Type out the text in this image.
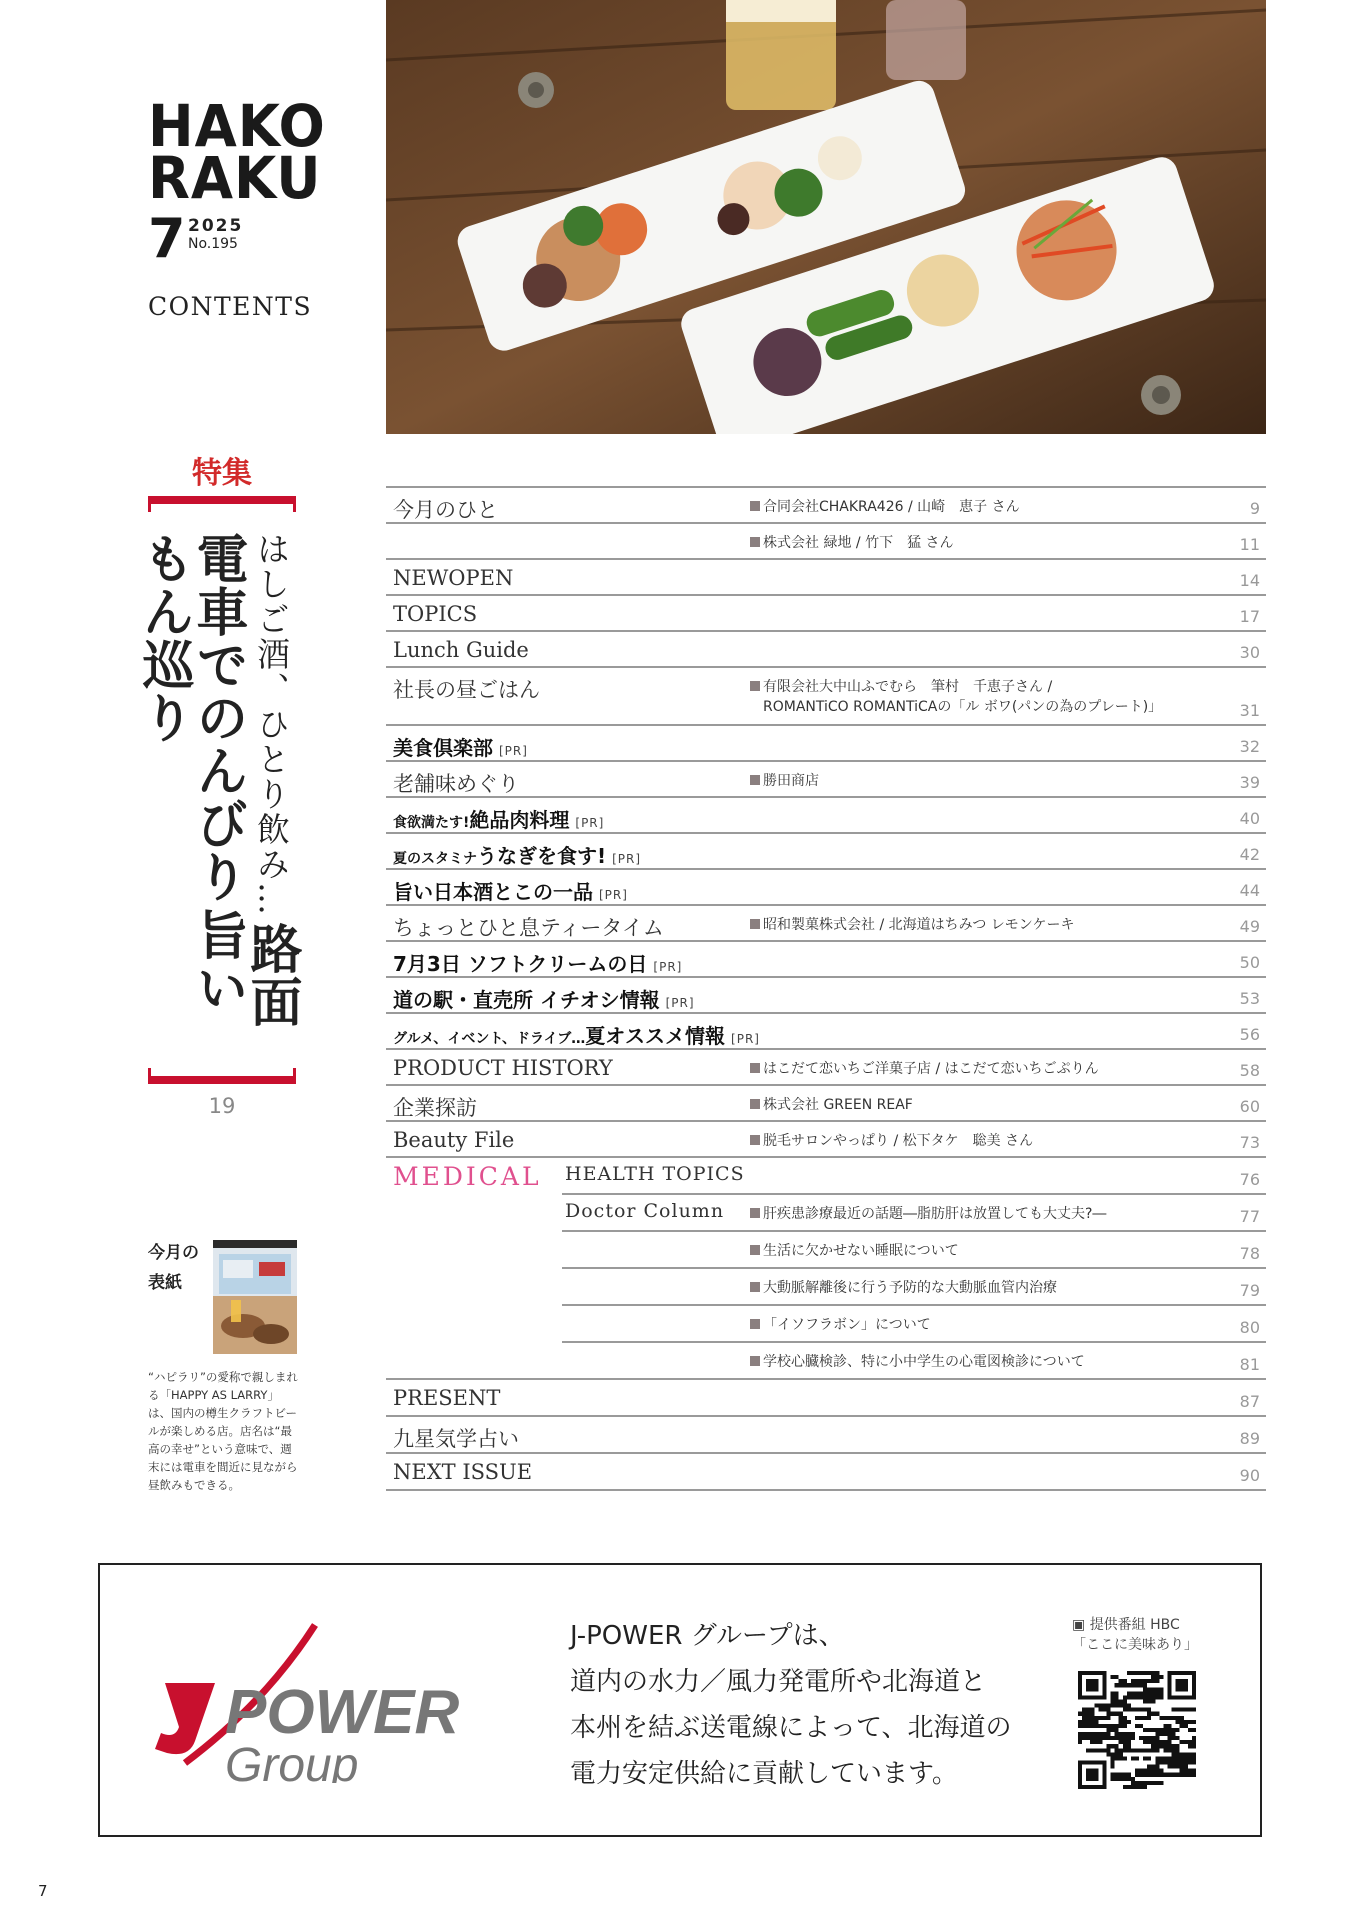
HAKO
RAKU
7 2025
No.195
CONTENTS
特集
はしご酒、ひとり飲み… 路面電車でのんびり 旨いもん巡り
19
今月の
表紙
“ハピラリ”の愛称で親しまれる「HAPPY AS LARRY」は、国内の樽生クラフトビールが楽しめる店。店名は“最高の幸せ”という意味で、週末には電車を間近に見ながら昼飲みもできる。
今月のひと	合同会社CHAKRA426 / 山崎　恵子 さん	9
株式会社 緑地 / 竹下　猛 さん	11
NEWOPEN	14
TOPICS	17
Lunch Guide	30
社長の昼ごはん	有限会社大中山ふでむら　筆村　千恵子さん /
ROMANTiCO ROMANTiCAの「ル ボワ(パンの為のプレート)」	31
美食倶楽部 [PR]	32
老舗味めぐり	勝田商店	39
食欲満たす!絶品肉料理 [PR]	40
夏のスタミナうなぎを食す! [PR]	42
旨い日本酒とこの一品 [PR]	44
ちょっとひと息ティータイム	昭和製菓株式会社 / 北海道はちみつ レモンケーキ	49
7月3日 ソフトクリームの日 [PR]	50
道の駅・直売所 イチオシ情報 [PR]	53
グルメ、イベント、ドライブ…夏オススメ情報 [PR]	56
PRODUCT HISTORY	はこだて恋いちご洋菓子店 / はこだて恋いちごぷりん	58
企業探訪	株式会社 GREEN REAF	60
Beauty File	脱毛サロンやっぱり / 松下タケ　聡美 さん	73
MEDICAL HEALTH TOPICS	76
Doctor Column	肝疾患診療最近の話題―脂肪肝は放置しても大丈夫?―	77
生活に欠かせない睡眠について	78
大動脈解離後に行う予防的な大動脈血管内治療	79
「イソフラボン」について	80
学校心臓検診、特に小中学生の心電図検診について	81
PRESENT	87
九星気学占い	89
NEXT ISSUE	90
POWER
Group
J-POWER グループは、
道内の水力／風力発電所や北海道と
本州を結ぶ送電線によって、北海道の
電力安定供給に貢献しています。
▣ 提供番組 HBC
「ここに美味あり」
7
